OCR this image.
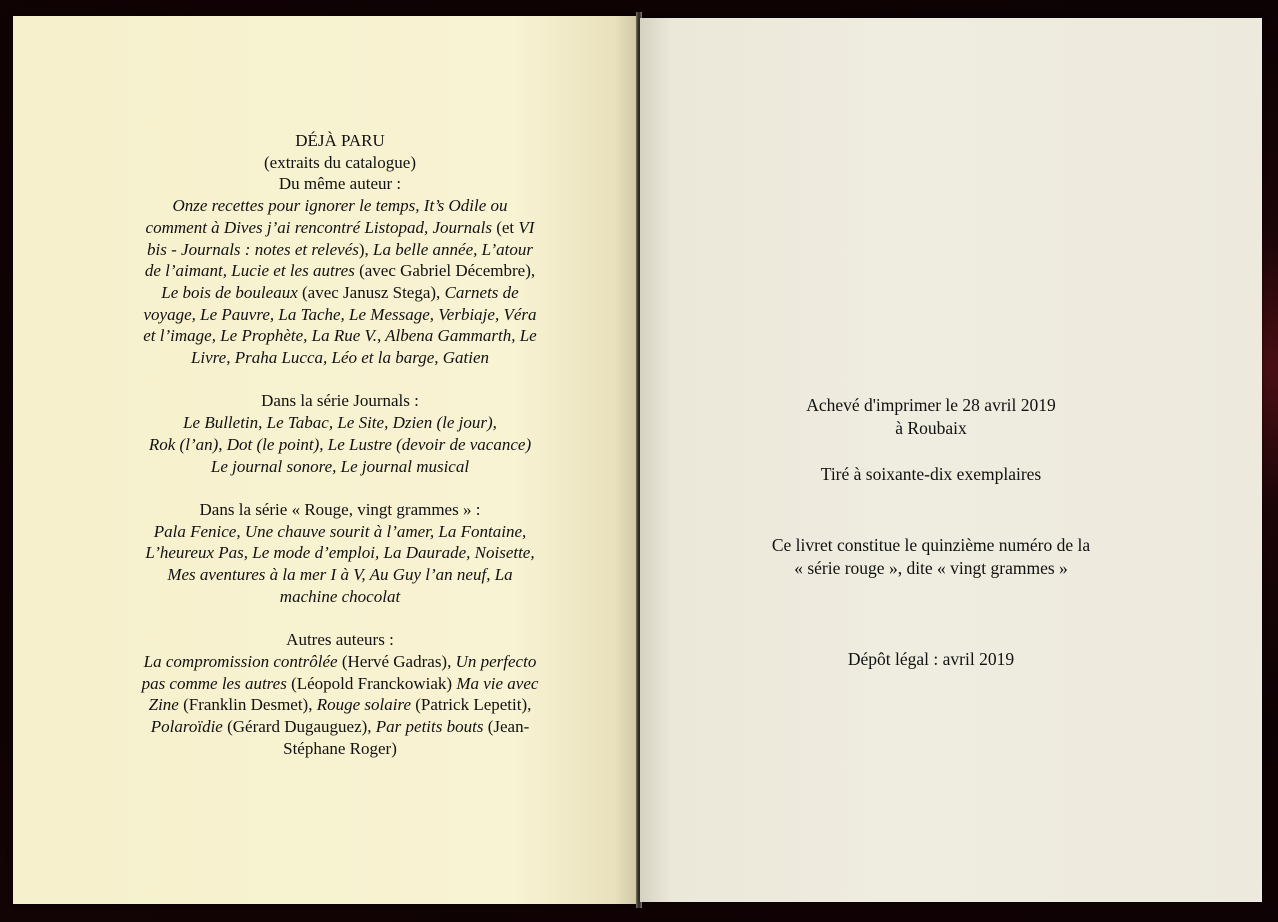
DÉJÀ PARU

(extraits du catalogue)

Du même auteur :

Onze recettes pour ignorer le temps, It’s Odile ou

comment à Dives j’ai rencontré Listopad, Journals (et VI

bis - Journals : notes et relevés), La belle année, L’atour

de l’aimant, Lucie et les autres (avec Gabriel Décembre),

Le bois de bouleaux (avec Janusz Stega), Carnets de

voyage, Le Pauvre, La Tache, Le Message, Verbiaje, Véra

et l’image, Le Prophète, La Rue V., Albena Gammarth, Le

Livre, Praha Lucca, Léo et la barge, Gatien

Dans la série Journals :

Le Bulletin, Le Tabac, Le Site, Dzien (le jour),

Rok (l’an), Dot (le point), Le Lustre (devoir de vacance)

Le journal sonore, Le journal musical

Dans la série « Rouge, vingt grammes » :

Pala Fenice, Une chauve sourit à l’amer, La Fontaine,

L’heureux Pas, Le mode d’emploi, La Daurade, Noisette,

Mes aventures à la mer I à V, Au Guy l’an neuf, La

machine chocolat

Autres auteurs :

La compromission contrôlée (Hervé Gadras), Un perfecto

pas comme les autres (Léopold Franckowiak) Ma vie avec

Zine (Franklin Desmet), Rouge solaire (Patrick Lepetit),

Polaroïdie (Gérard Dugauguez), Par petits bouts (Jean-

Stéphane Roger)

Achevé d'imprimer le 28 avril 2019

à Roubaix

Tiré à soixante-dix exemplaires

Ce livret constitue le quinzième numéro de la

« série rouge », dite « vingt grammes »

Dépôt légal : avril 2019
